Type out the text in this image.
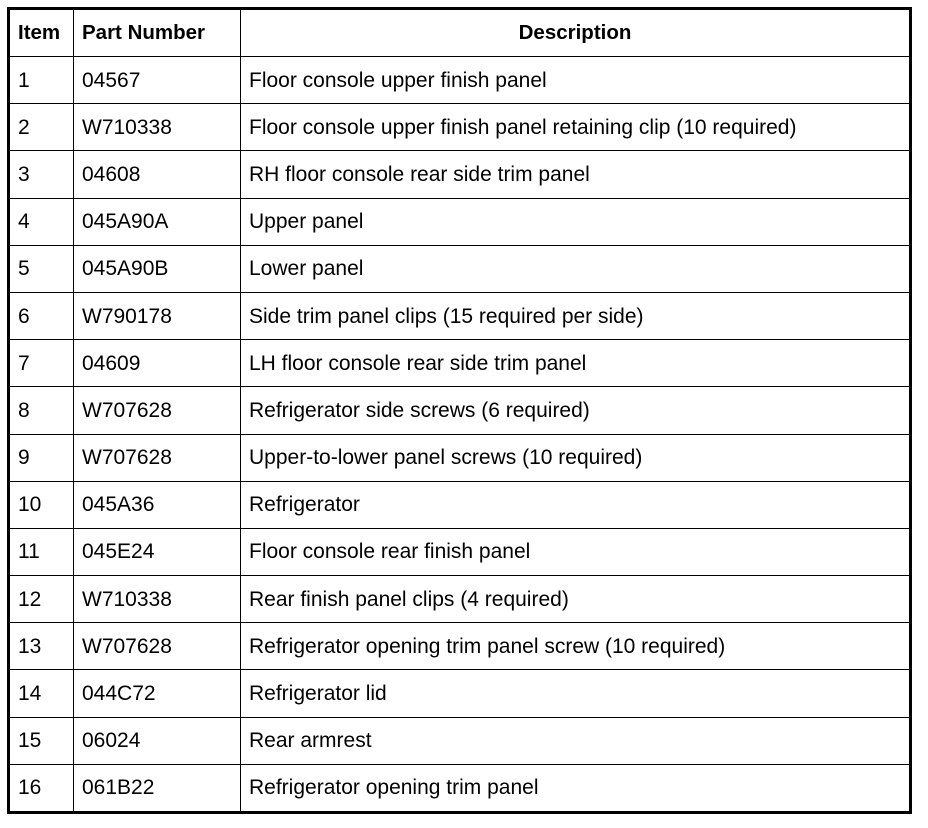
Item	Part Number	Description
1	04567	Floor console upper finish panel
2	W710338	Floor console upper finish panel retaining clip (10 required)
3	04608	RH floor console rear side trim panel
4	045A90A	Upper panel
5	045A90B	Lower panel
6	W790178	Side trim panel clips (15 required per side)
7	04609	LH floor console rear side trim panel
8	W707628	Refrigerator side screws (6 required)
9	W707628	Upper-to-lower panel screws (10 required)
10	045A36	Refrigerator
11	045E24	Floor console rear finish panel
12	W710338	Rear finish panel clips (4 required)
13	W707628	Refrigerator opening trim panel screw (10 required)
14	044C72	Refrigerator lid
15	06024	Rear armrest
16	061B22	Refrigerator opening trim panel
